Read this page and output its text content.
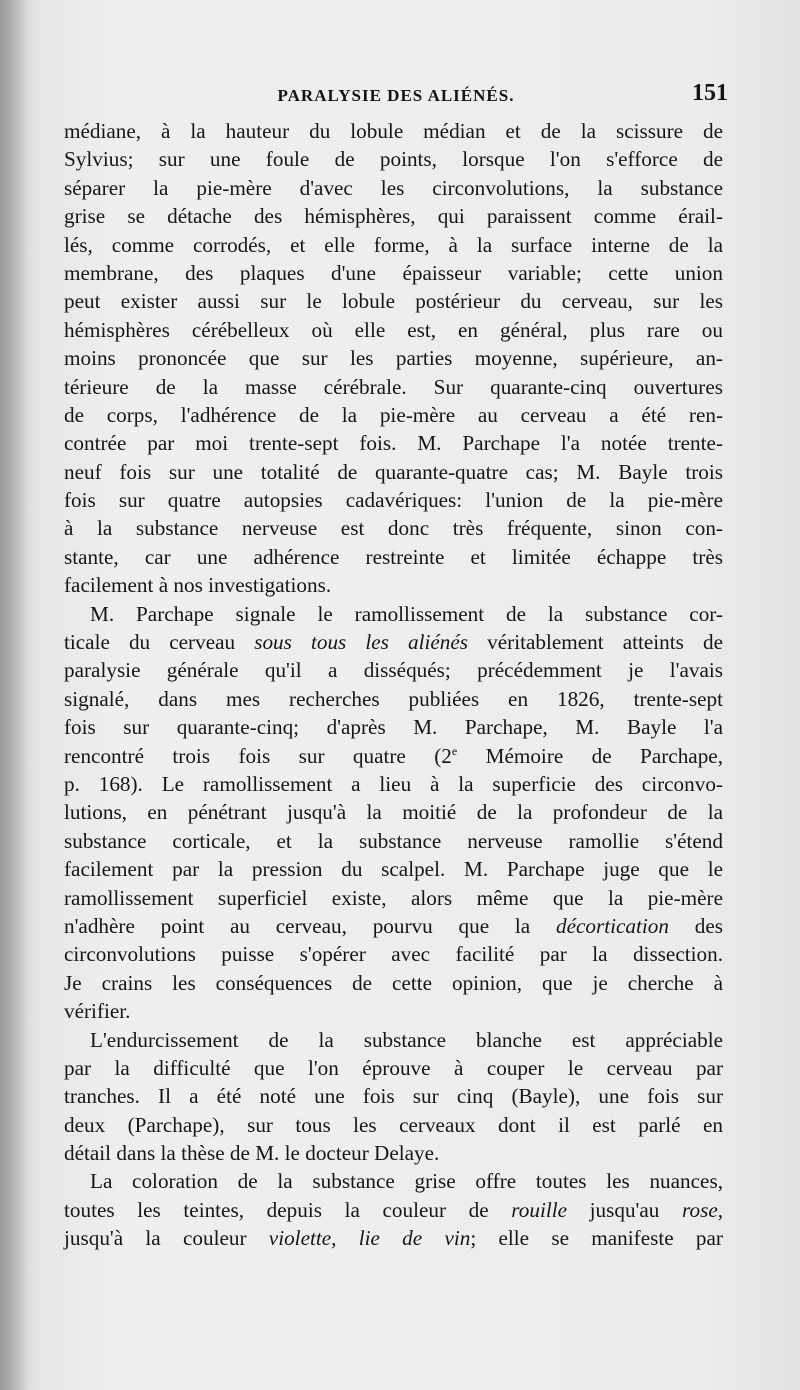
PARALYSIE DES ALIÉNÉS.	151
médiane, à la hauteur du lobule médian et de la scissure de
Sylvius; sur une foule de points, lorsque l'on s'efforce de
séparer la pie-mère d'avec les circonvolutions, la substance
grise se détache des hémisphères, qui paraissent comme érail-
lés, comme corrodés, et elle forme, à la surface interne de la
membrane, des plaques d'une épaisseur variable; cette union
peut exister aussi sur le lobule postérieur du cerveau, sur les
hémisphères cérébelleux où elle est, en général, plus rare ou
moins prononcée que sur les parties moyenne, supérieure, an-
térieure de la masse cérébrale. Sur quarante-cinq ouvertures
de corps, l'adhérence de la pie-mère au cerveau a été ren-
contrée par moi trente-sept fois. M. Parchape l'a notée trente-
neuf fois sur une totalité de quarante-quatre cas; M. Bayle trois
fois sur quatre autopsies cadavériques: l'union de la pie-mère
à la substance nerveuse est donc très fréquente, sinon con-
stante, car une adhérence restreinte et limitée échappe très
facilement à nos investigations.
M. Parchape signale le ramollissement de la substance cor-
ticale du cerveau sous tous les aliénés véritablement atteints de
paralysie générale qu'il a disséqués; précédemment je l'avais
signalé, dans mes recherches publiées en 1826, trente-sept
fois sur quarante-cinq; d'après M. Parchape, M. Bayle l'a
rencontré trois fois sur quatre (2e Mémoire de Parchape,
p. 168). Le ramollissement a lieu à la superficie des circonvo-
lutions, en pénétrant jusqu'à la moitié de la profondeur de la
substance corticale, et la substance nerveuse ramollie s'étend
facilement par la pression du scalpel. M. Parchape juge que le
ramollissement superficiel existe, alors même que la pie-mère
n'adhère point au cerveau, pourvu que la décortication des
circonvolutions puisse s'opérer avec facilité par la dissection.
Je crains les conséquences de cette opinion, que je cherche à
vérifier.
L'endurcissement de la substance blanche est appréciable
par la difficulté que l'on éprouve à couper le cerveau par
tranches. Il a été noté une fois sur cinq (Bayle), une fois sur
deux (Parchape), sur tous les cerveaux dont il est parlé en
détail dans la thèse de M. le docteur Delaye.
La coloration de la substance grise offre toutes les nuances,
toutes les teintes, depuis la couleur de rouille jusqu'au rose,
jusqu'à la couleur violette, lie de vin; elle se manifeste par
